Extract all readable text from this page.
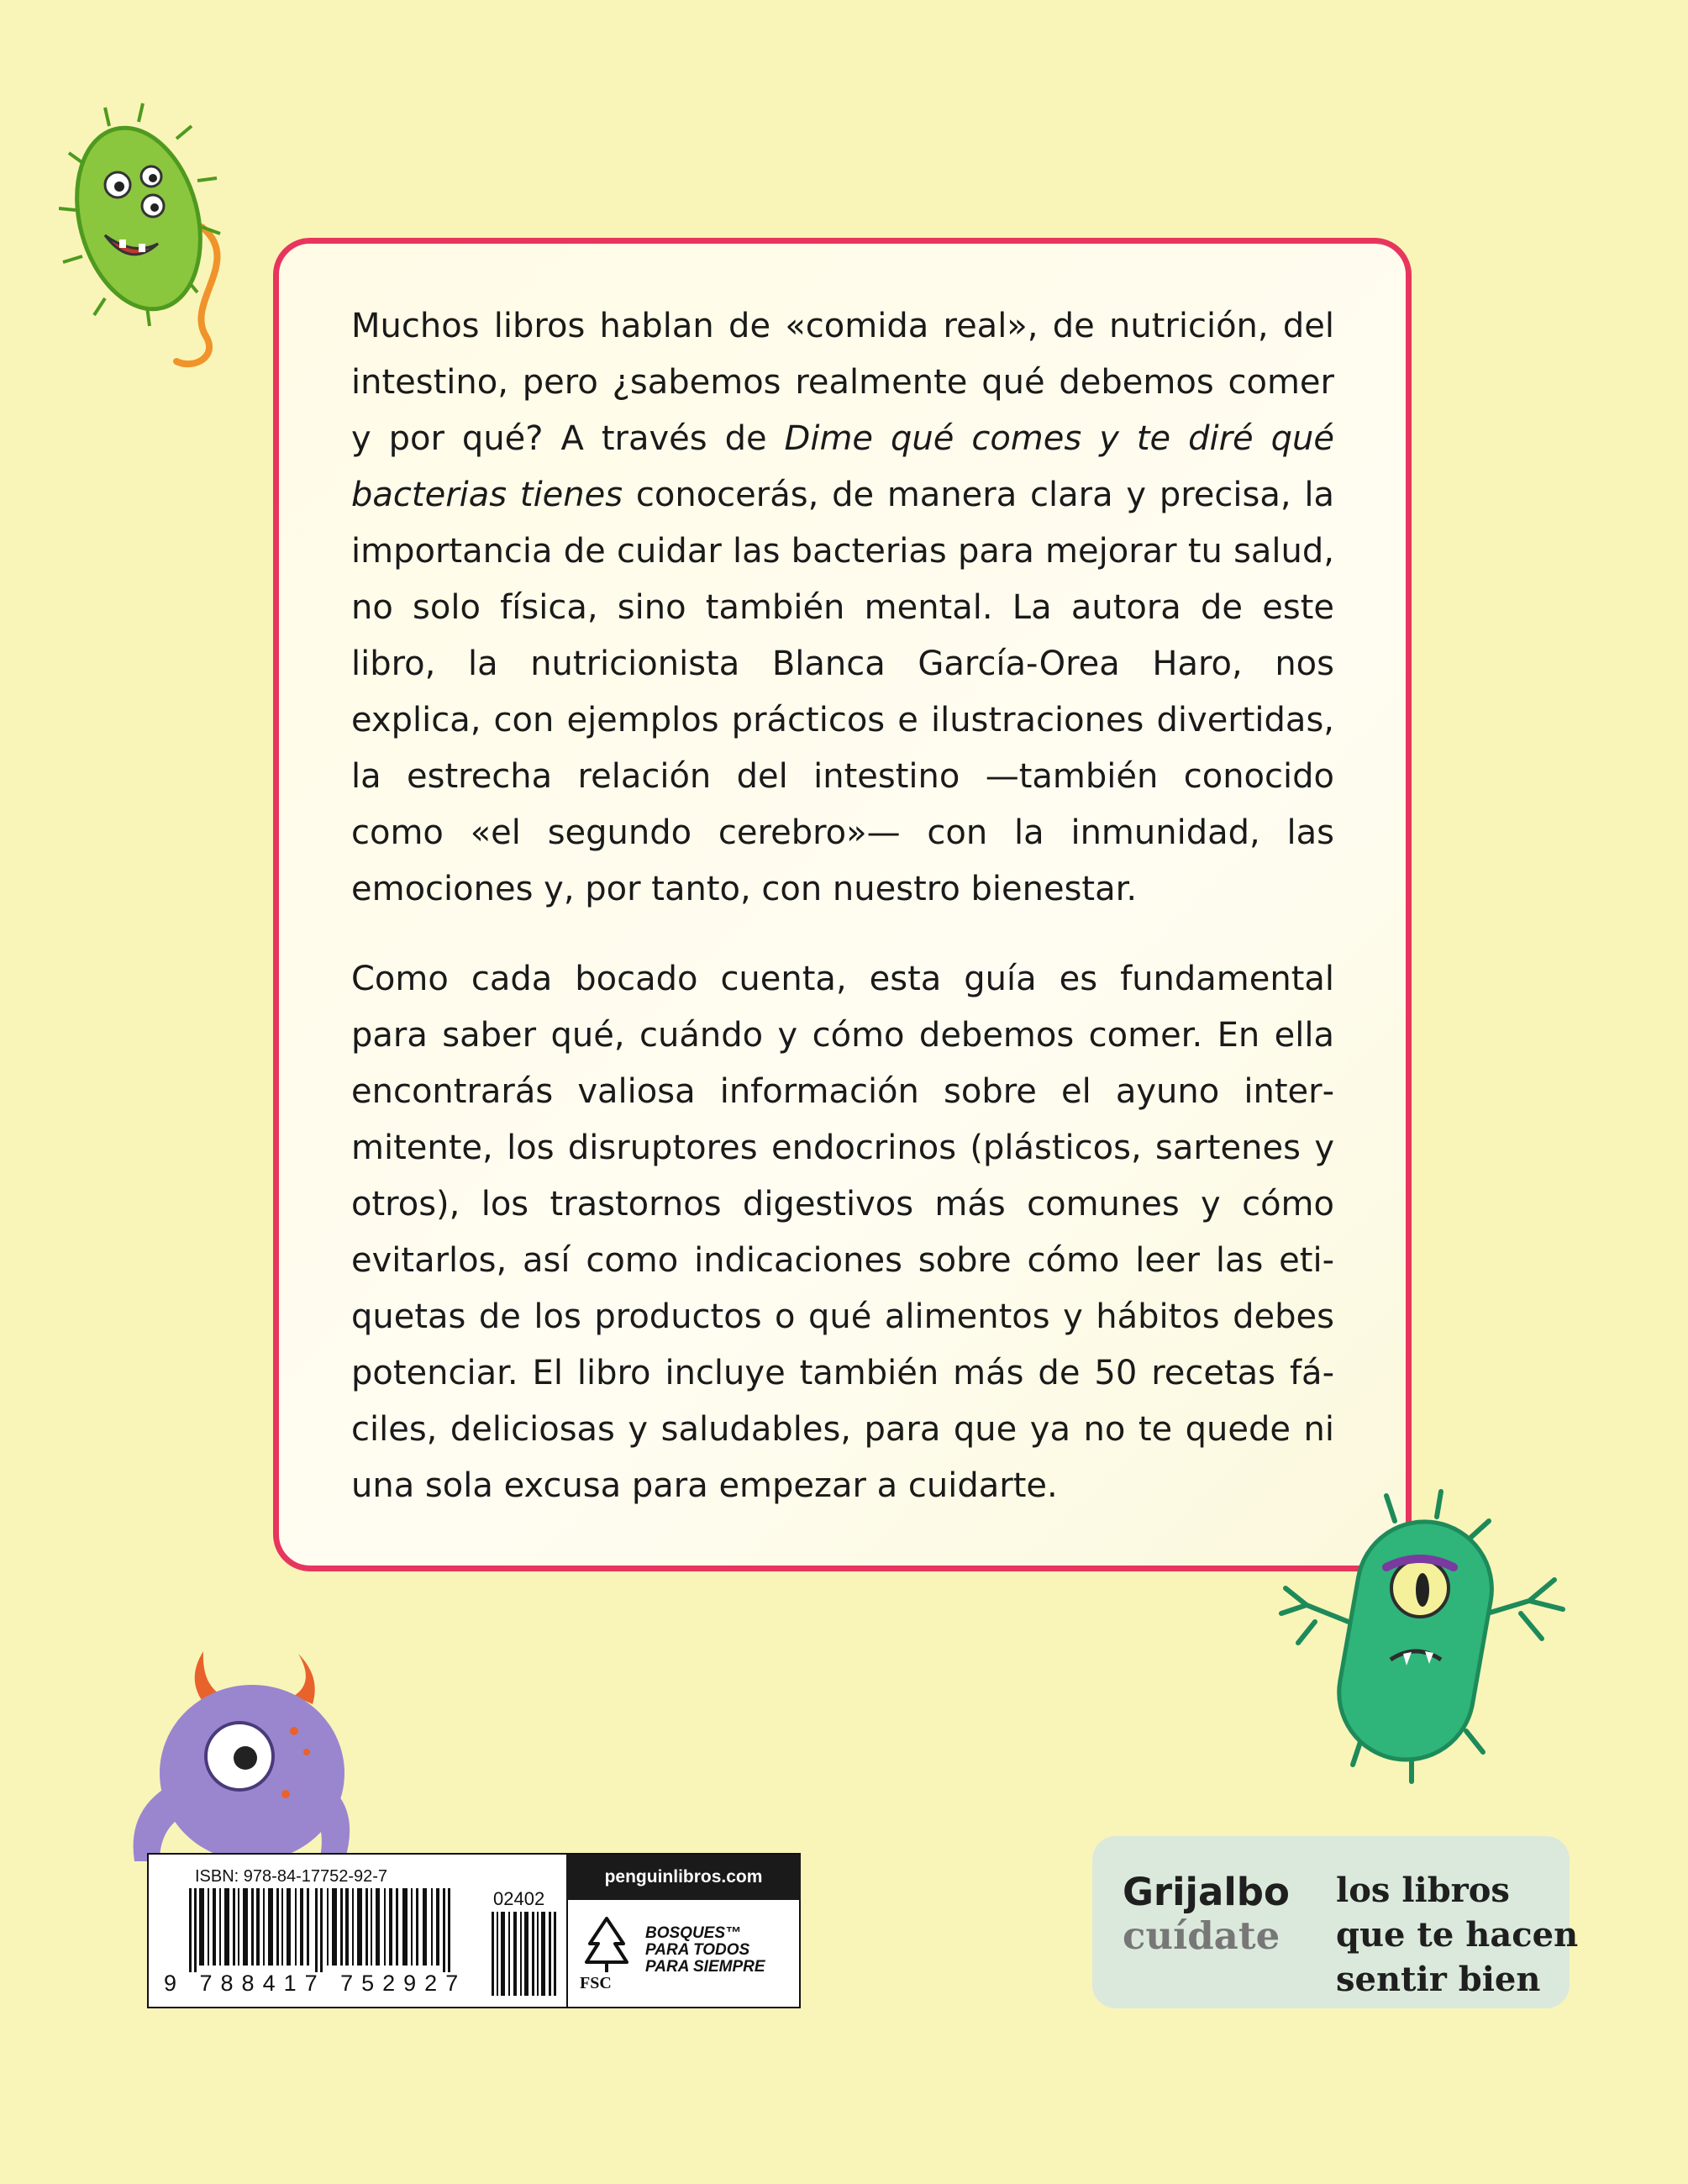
Muchos libros hablan de «comida real», de nutrición, del intestino, pero ¿sabemos realmente qué debemos comer y por qué? A través de Dime qué comes y te diré qué bacterias tienes conocerás, de manera clara y precisa, la importancia de cuidar las bacterias para mejorar tu salud, no solo física, sino también mental. La autora de este libro, la nutricionista Blanca García-Orea Haro, nos explica, con ejemplos prácticos e ilustraciones divertidas, la estrecha relación del intestino —también conocido como «el segundo cerebro»— con la inmunidad, las emociones y, por tanto, con nuestro bienestar.

Como cada bocado cuenta, esta guía es fundamental para saber qué, cuándo y cómo debemos comer. En ella encontrarás valiosa información sobre el ayuno intermitente, los disruptores endocrinos (plásticos, sartenes y otros), los trastornos digestivos más comunes y cómo evitarlos, así como indicaciones sobre cómo leer las etiquetas de los productos o qué alimentos y hábitos debes potenciar. El libro incluye también más de 50 recetas fáciles, deliciosas y saludables, para que ya no te quede ni una sola excusa para empezar a cuidarte.

ISBN: 978-84-17752-92-7
9 788417 752927
02402
penguinlibros.com
FSC
BOSQUES™
PARA TODOS
PARA SIEMPRE
Grijalbo
cuídate
los libros
que te hacen
sentir bien
